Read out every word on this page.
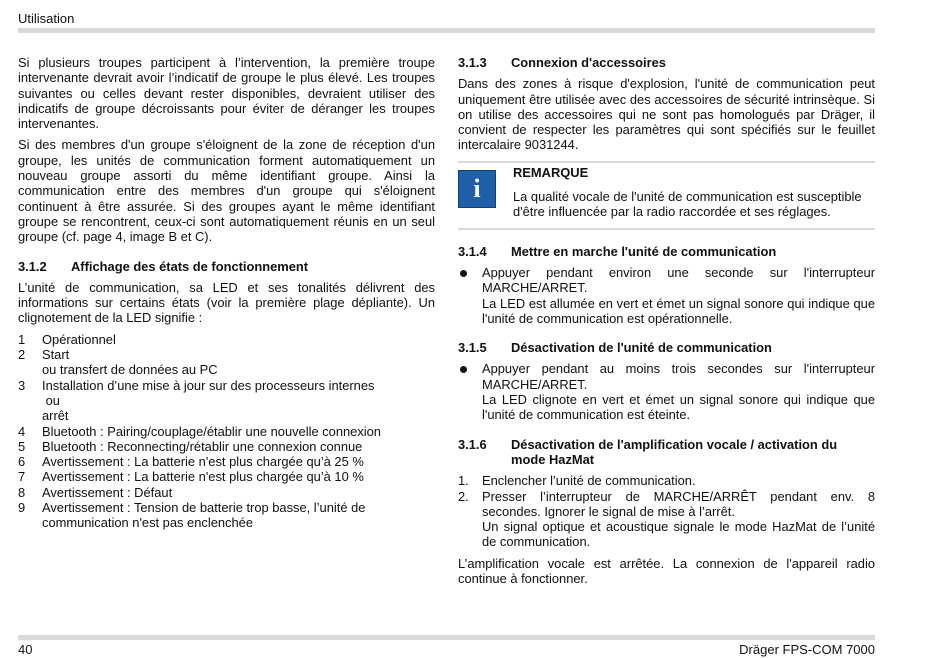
Utilisation

Si plusieurs troupes participent à l’intervention, la première troupe intervenante devrait avoir l’indicatif de groupe le plus élevé. Les troupes suivantes ou celles devant rester disponibles, devraient utiliser des indicatifs de groupe décroissants pour éviter de déranger les troupes intervenantes.

Si des membres d'un groupe s'éloignent de la zone de réception d'un groupe, les unités de communication forment automatiquement un nouveau groupe assorti du même identifiant groupe. Ainsi la communication entre des membres d'un groupe qui s'éloignent continuent à être assurée. Si des groupes ayant le même identifiant groupe se rencontrent, ceux-ci sont automatiquement réunis en un seul groupe (cf. page 4, image B et C).

3.1.2	Affichage des états de fonctionnement

L’unité de communication, sa LED et ses tonalités délivrent des informations sur certains états (voir la première plage dépliante). Un clignotement de la LED signifie :

1	Opérationnel
2	Start
ou transfert de données au PC
3	Installation d’une mise à jour sur des processeurs internes
ou
arrêt
4	Bluetooth : Pairing/couplage/établir une nouvelle connexion
5	Bluetooth : Reconnecting/rétablir une connexion connue
6	Avertissement : La batterie n'est plus chargée qu’à 25 %
7	Avertissement : La batterie n'est plus chargée qu’à 10 %
8	Avertissement : Défaut
9	Avertissement : Tension de batterie trop basse, l’unité de communication n'est pas enclenchée
3.1.3	Connexion d'accessoires

Dans des zones à risque d'explosion, l'unité de communication peut uniquement être utilisée avec des accessoires de sécurité intrinsèque. Si on utilise des accessoires qui ne sont pas homologués par Dräger, il convient de respecter les paramètres qui sont spécifiés sur le feuillet intercalaire 9031244.

i
REMARQUE
La qualité vocale de l'unité de communication est susceptible d'être influencée par la radio raccordée et ses réglages.
3.1.4	Mettre en marche l'unité de communication
Appuyer pendant environ une seconde sur l'interrupteur MARCHE/ARRET.
La LED est allumée en vert et émet un signal sonore qui indique que l'unité de communication est opérationnelle.
3.1.5	Désactivation de l'unité de communication
Appuyer pendant au moins trois secondes sur l'interrupteur MARCHE/ARRET.
La LED clignote en vert et émet un signal sonore qui indique que l'unité de communication est éteinte.
3.1.6	Désactivation de l'amplification vocale / activation du mode HazMat
1.	Enclencher l’unité de communication.
2.	Presser l’interrupteur de MARCHE/ARRÊT pendant env. 8 secondes. Ignorer le signal de mise à l’arrêt.
Un signal optique et acoustique signale le mode HazMat de l’unité de communication.

L’amplification vocale est arrêtée. La connexion de l'appareil radio continue à fonctionner.

40	Dräger FPS-COM 7000
